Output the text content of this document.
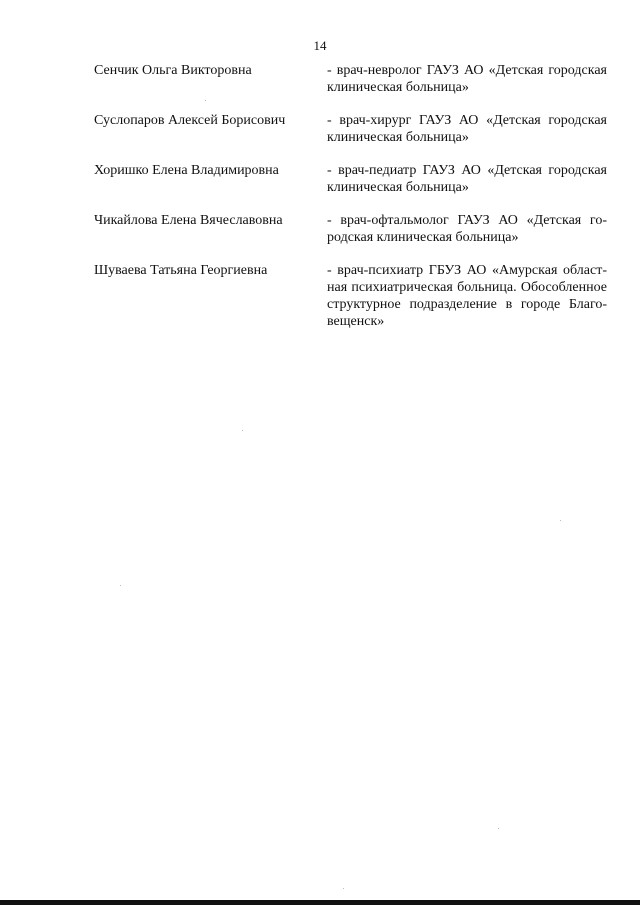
14
Сенчик Ольга Викторовна	- врач-невролог ГАУЗ АО «Детская городская
клиническая больница»
Суслопаров Алексей Борисович	- врач-хирург ГАУЗ АО «Детская городская
клиническая больница»
Хоришко Елена Владимировна	- врач-педиатр ГАУЗ АО «Детская городская
клиническая больница»
Чикайлова Елена Вячеславовна	- врач-офтальмолог ГАУЗ АО «Детская го-
родская клиническая больница»
Шуваева Татьяна Георгиевна	- врач-психиатр ГБУЗ АО «Амурская област-
ная психиатрическая больница. Обособленное
структурное подразделение в городе Благо-
вещенск»
